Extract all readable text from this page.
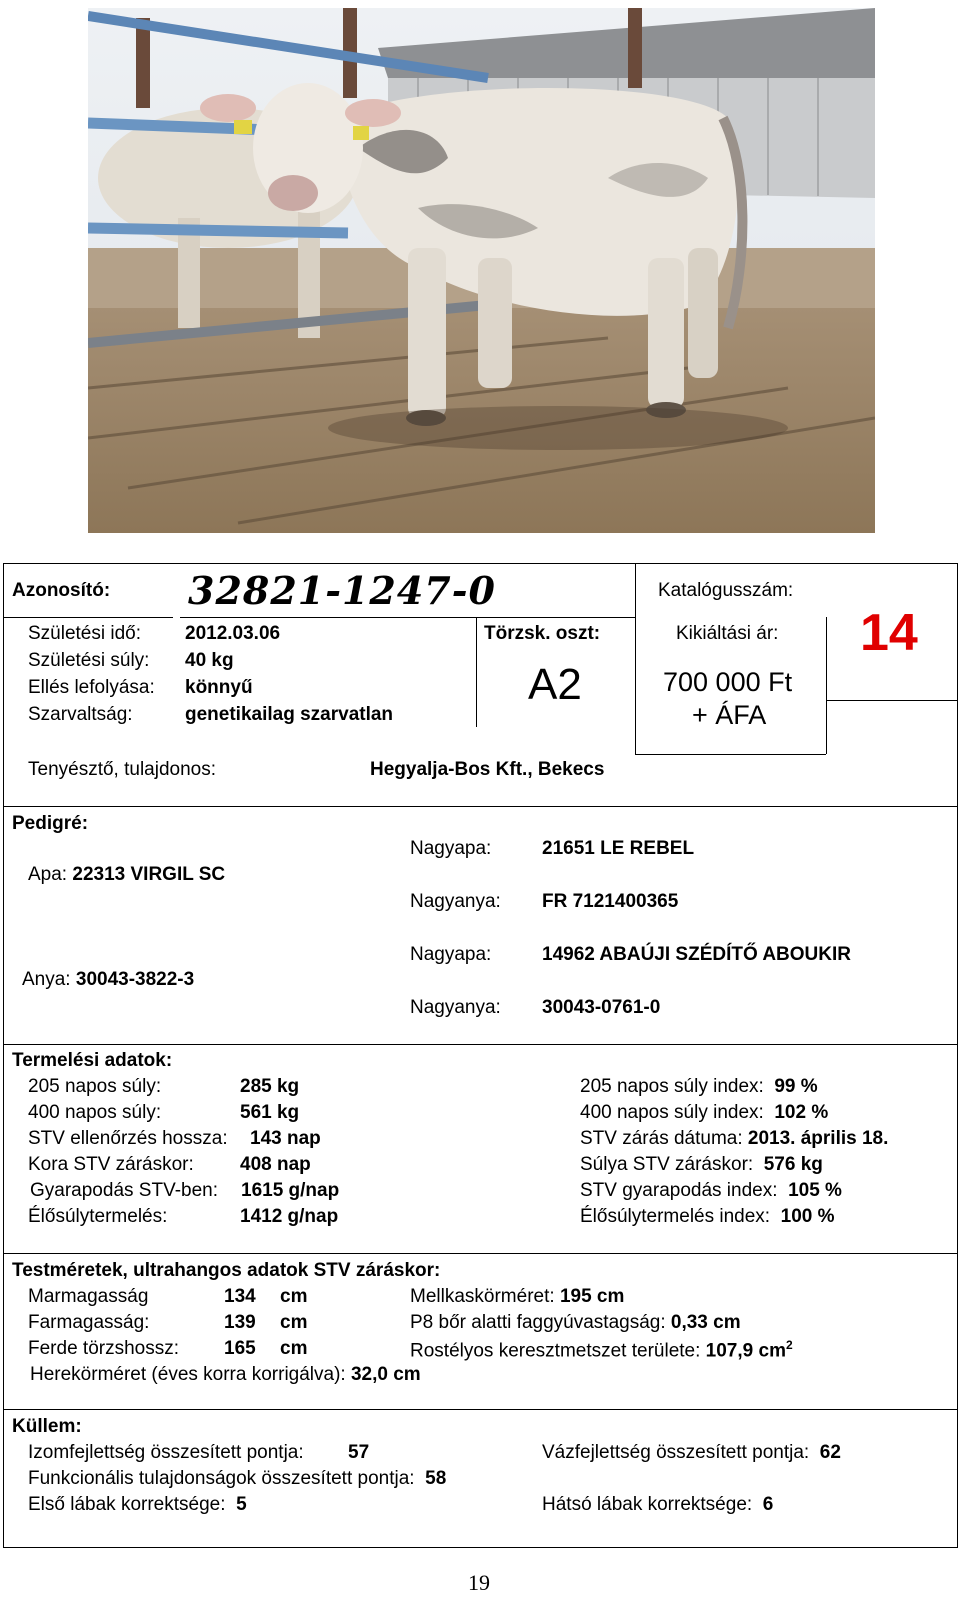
Azonosító: 32821-1247-0	Katalógusszám:
14
Kikiáltási ár:
700 000 Ft
+ ÁFA
Törzsk. oszt:
A2
Születési idő: 2012.03.06
Születési súly: 40 kg
Ellés lefolyása: könnyű
Szarvaltság:	genetikailag szarvatlan
Tenyésztő, tulajdonos:	Hegyalja-Bos Kft., Bekecs
Pedigré:
Apa: 22313 VIRGIL SC
Anya: 30043-3822-3
Nagyapa:	21651 LE REBEL
Nagyanya: FR 7121400365
Nagyapa:	14962 ABAÚJI SZÉDÍTŐ ABOUKIR
Nagyanya: 30043-0761-0
Termelési adatok:
205 napos súly:	285 kg
400 napos súly:	561 kg
STV ellenőrzés hossza: 143 nap
Kora STV záráskor: 408 nap
Gyarapodás STV-ben: 1615 g/nap
Élősúlytermelés:	1412 g/nap
205 napos súly index: 99 %
400 napos súly index: 102 %
STV zárás dátuma: 2013. április 18.
Súlya STV záráskor: 576 kg
STV gyarapodás index: 105 %
Élősúlytermelés index: 100 %
Testméretek, ultrahangos adatok STV záráskor:
Marmagasság	134 cm
Farmagasság:	139 cm
Ferde törzshossz: 165 cm
Mellkaskörméret: 195 cm
P8 bőr alatti faggyúvastagság: 0,33 cm
Rostélyos keresztmetszet területe: 107,9 $cm^2$
Herekörméret (éves korra korrigálva): 32,0 cm
Küllem:
Izomfejlettség összesített pontja: 57	Vázfejlettség összesített pontja: 62
Funkcionális tulajdonságok összesített pontja: 58
Első lábak korrektsége: 5	Hátsó lábak korrektsége: 6
19
